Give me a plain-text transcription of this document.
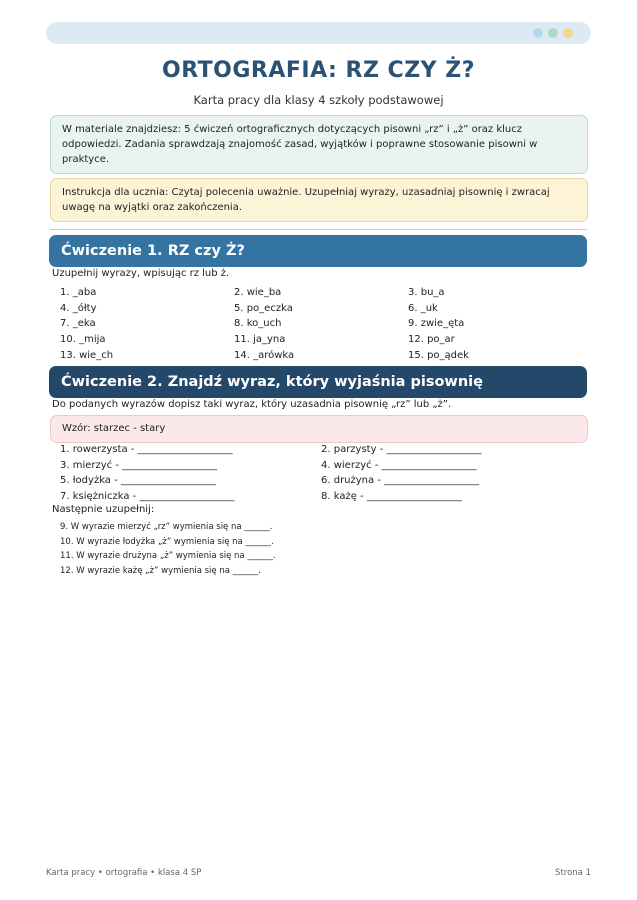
ORTOGRAFIA: RZ CZY Ż?
Karta pracy dla klasy 4 szkoły podstawowej
W materiale znajdziesz: 5 ćwiczeń ortograficznych dotyczących pisowni „rz” i „ż” oraz klucz odpowiedzi. Zadania sprawdzają znajomość zasad, wyjątków i poprawne stosowanie pisowni w praktyce.
Instrukcja dla ucznia: Czytaj polecenia uważnie. Uzupełniaj wyrazy, uzasadniaj pisownię i zwracaj uwagę na wyjątki oraz zakończenia.
Ćwiczenie 1. RZ czy Ż?
Uzupełnij wyrazy, wpisując rz lub ż.
1. _aba	2. wie_ba	3. bu_a
4. _ółty	5. po_eczka	6. _uk
7. _eka	8. ko_uch	9. zwie_ęta
10. _mija	11. ja_yna	12. po_ar
13. wie_ch	14. _arówka	15. po_ądek
Ćwiczenie 2. Znajdź wyraz, który wyjaśnia pisownię
Do podanych wyrazów dopisz taki wyraz, który uzasadnia pisownię „rz” lub „ż”.
Wzór: starzec - stary
1. rowerzysta - ___________________	2. parzysty - ___________________
3. mierzyć - ___________________	4. wierzyć - ___________________
5. łodyżka - ___________________	6. drużyna - ___________________
7. księżniczka - ___________________	8. każę - ___________________
Następnie uzupełnij:
9. W wyrazie mierzyć „rz” wymienia się na ______.
10. W wyrazie łodyżka „ż” wymienia się na ______.
11. W wyrazie drużyna „ż” wymienia się na ______.
12. W wyrazie każę „ż” wymienia się na ______.
Karta pracy • ortografia • klasa 4 SP	Strona 1
